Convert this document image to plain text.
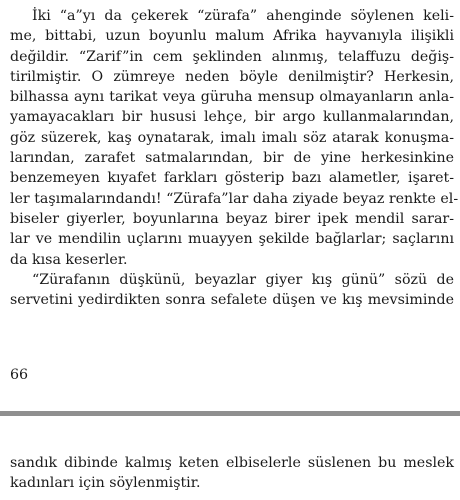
İki “a”yı da çekerek “zürafa” ahenginde söylenen keli-
me, bittabi, uzun boyunlu malum Afrika hayvanıyla ilişikli
değildir. “Zarif”in cem şeklinden alınmış, telaffuzu değiş-
tirilmiştir. O zümreye neden böyle denilmiştir? Herkesin,
bilhassa aynı tarikat veya güruha mensup olmayanların anla-
yamayacakları bir hususi lehçe, bir argo kullanmalarından,
göz süzerek, kaş oynatarak, imalı imalı söz atarak konuşma-
larından, zarafet satmalarından, bir de yine herkesinkine
benzemeyen kıyafet farkları gösterip bazı alametler, işaret-
ler taşımalarındandı! “Zürafa”lar daha ziyade beyaz renkte el-
biseler giyerler, boyunlarına beyaz birer ipek mendil sarar-
lar ve mendilin uçlarını muayyen şekilde bağlarlar; saçlarını
da kısa keserler.
“Zürafanın düşkünü, beyazlar giyer kış günü” sözü de
servetini yedirdikten sonra sefalete düşen ve kış mevsiminde
66
sandık dibinde kalmış keten elbiselerle süslenen bu meslek
kadınları için söylenmiştir.
